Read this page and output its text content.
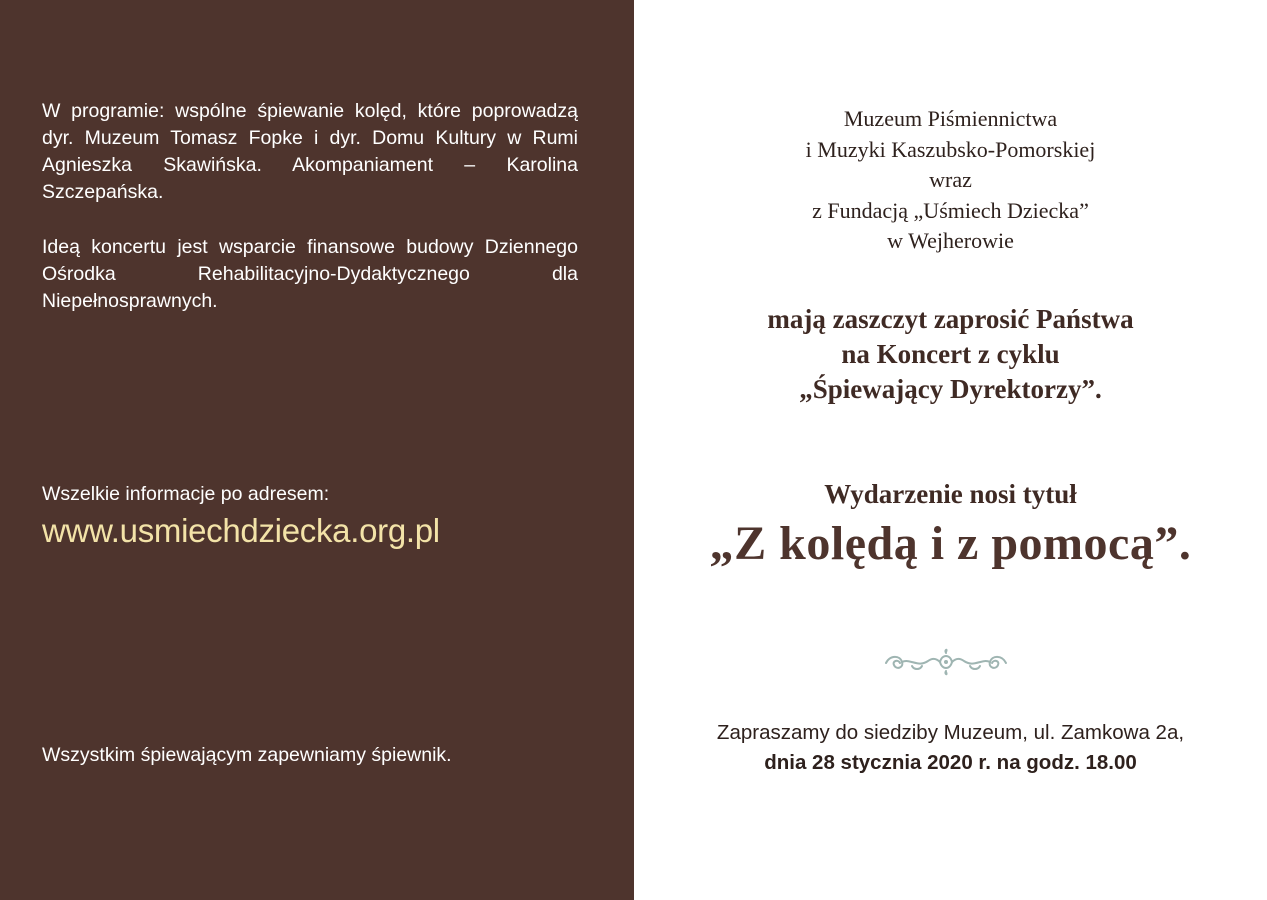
W programie: wspólne śpiewanie kolęd, które poprowadzą dyr. Muzeum Tomasz Fopke i dyr. Domu Kultury w Rumi Agnieszka Skawińska. Akompaniament – Karolina Szczepańska.

Ideą koncertu jest wsparcie finansowe budowy Dziennego Ośrodka Rehabilitacyjno-Dydaktycznego dla Niepełnosprawnych.

Wszelkie informacje po adresem:

www.usmiechdziecka.org.pl

Wszystkim śpiewającym zapewniamy śpiewnik.

Muzeum Piśmiennictwa
i Muzyki Kaszubsko-Pomorskiej
wraz
z Fundacją „Uśmiech Dziecka”
w Wejherowie
mają zaszczyt zaprosić Państwa
na Koncert z cyklu
„Śpiewający Dyrektorzy”.
Wydarzenie nosi tytuł
„Z kolędą i z pomocą”.
Zapraszamy do siedziby Muzeum, ul. Zamkowa 2a,
dnia 28 stycznia 2020 r. na godz. 18.00
